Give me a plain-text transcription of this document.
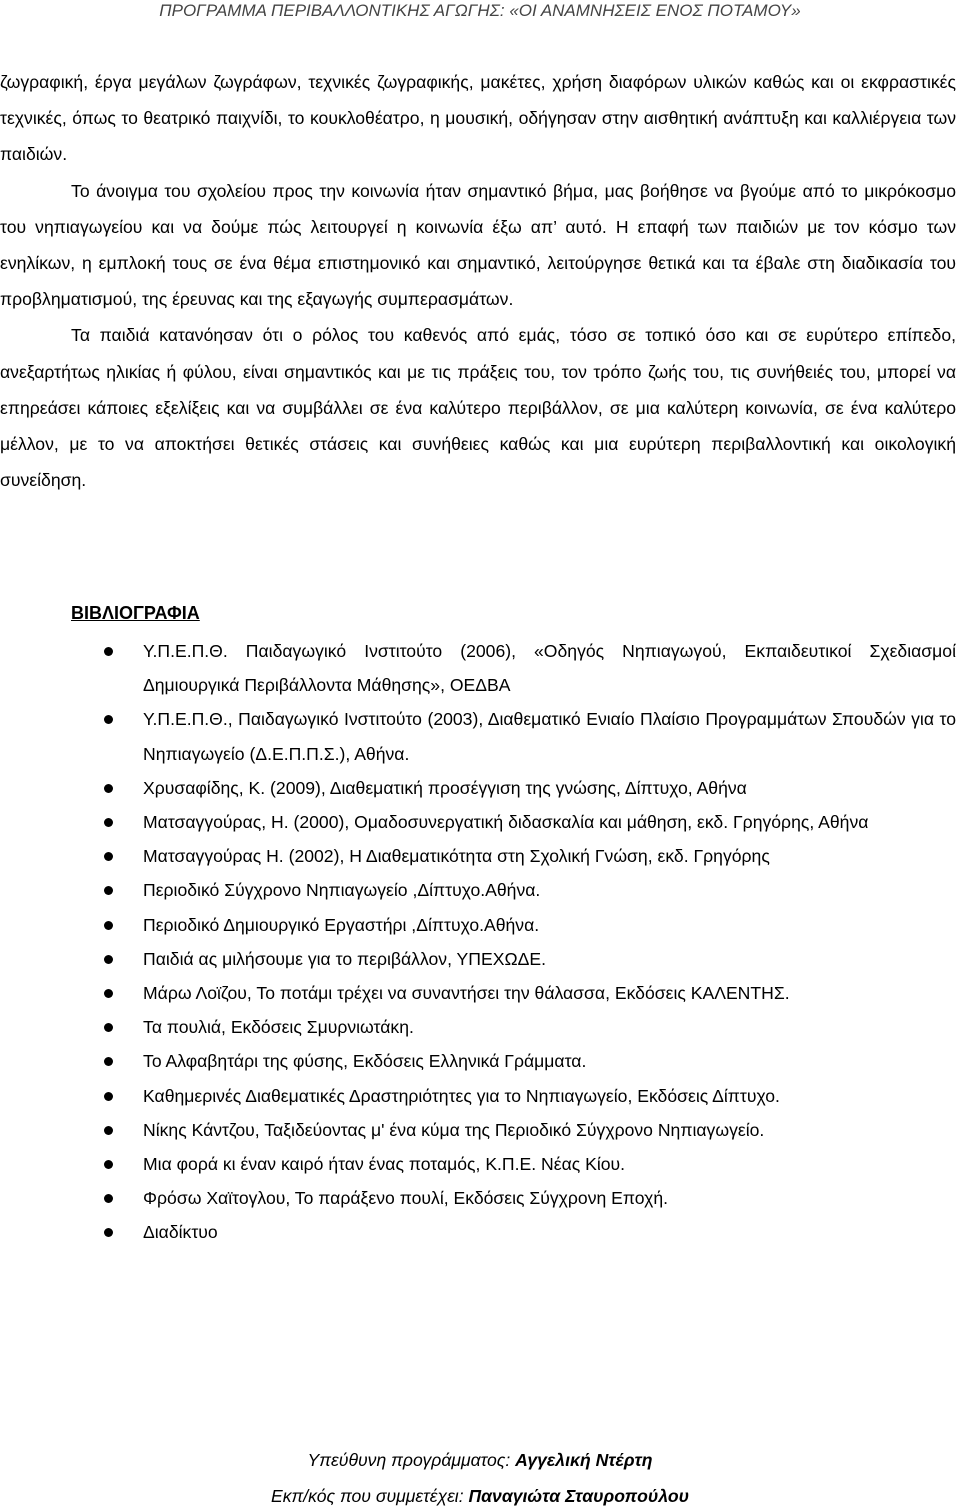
ΠΡΟΓΡΑΜΜΑ ΠΕΡΙΒΑΛΛΟΝΤΙΚΗΣ ΑΓΩΓΗΣ: «ΟΙ ΑΝΑΜΝΗΣΕΙΣ ΕΝΟΣ ΠΟΤΑΜΟΥ»

ζωγραφική, έργα μεγάλων ζωγράφων, τεχνικές ζωγραφικής, μακέτες, χρήση διαφόρων υλικών καθώς και οι εκφραστικές τεχνικές, όπως το θεατρικό παιχνίδι, το κουκλοθέατρο, η μουσική, οδήγησαν στην αισθητική ανάπτυξη και καλλιέργεια των παιδιών.

Το άνοιγμα του σχολείου προς την κοινωνία ήταν σημαντικό βήμα, μας βοήθησε να βγούμε από το μικρόκοσμο του νηπιαγωγείου και να δούμε πώς λειτουργεί η κοινωνία έξω απ’ αυτό. Η επαφή των παιδιών με τον κόσμο των ενηλίκων, η εμπλοκή τους σε ένα θέμα επιστημονικό και σημαντικό, λειτούργησε θετικά και τα έβαλε στη διαδικασία του προβληματισμού, της έρευνας και της εξαγωγής συμπερασμάτων.

Τα παιδιά κατανόησαν ότι ο ρόλος του καθενός από εμάς, τόσο σε τοπικό όσο και σε ευρύτερο επίπεδο, ανεξαρτήτως ηλικίας ή φύλου, είναι σημαντικός και με τις πράξεις του, τον τρόπο ζωής του, τις συνήθειές του, μπορεί να επηρεάσει κάποιες εξελίξεις και να συμβάλλει σε ένα καλύτερο περιβάλλον, σε μια καλύτερη κοινωνία, σε ένα καλύτερο μέλλον, με το να αποκτήσει θετικές στάσεις και συνήθειες καθώς και μια ευρύτερη περιβαλλοντική και οικολογική συνείδηση.

ΒΙΒΛΙΟΓΡΑΦΙΑ
Υ.Π.Ε.Π.Θ. Παιδαγωγικό Ινστιτούτο (2006), «Οδηγός Νηπιαγωγού, Εκπαιδευτικοί Σχεδιασμοί Δημιουργικά Περιβάλλοντα Μάθησης», ΟΕΔΒΑ
Υ.Π.Ε.Π.Θ., Παιδαγωγικό Ινστιτούτο (2003), Διαθεματικό Ενιαίο Πλαίσιο Προγραμμάτων Σπουδών για το Νηπιαγωγείο (Δ.Ε.Π.Π.Σ.), Αθήνα.
Χρυσαφίδης, Κ. (2009), Διαθεματική προσέγγιση της γνώσης, Δίπτυχο, Αθήνα
Ματσαγγούρας, Η. (2000), Ομαδοσυνεργατική διδασκαλία και μάθηση, εκδ. Γρηγόρης, Αθήνα
Ματσαγγούρας Η. (2002), Η Διαθεματικότητα στη Σχολική Γνώση, εκδ. Γρηγόρης
Περιοδικό Σύγχρονο Νηπιαγωγείο ,Δίπτυχο.Αθήνα.
Περιοδικό Δημιουργικό Εργαστήρι ,Δίπτυχο.Αθήνα.
Παιδιά ας μιλήσουμε για το περιβάλλον, ΥΠΕΧΩΔΕ.
Μάρω Λοϊζου, Το ποτάμι τρέχει να συναντήσει την θάλασσα, Εκδόσεις ΚΑΛΕΝΤΗΣ.
Τα πουλιά, Εκδόσεις Σμυρνιωτάκη.
Το Αλφαβητάρι της φύσης, Εκδόσεις Ελληνικά Γράμματα.
Καθημερινές Διαθεματικές Δραστηριότητες για το Νηπιαγωγείο, Εκδόσεις Δίπτυχο.
Νίκης Κάντζου, Ταξιδεύοντας μ' ένα κύμα της Περιοδικό Σύγχρονο Νηπιαγωγείο.
Μια φορά κι έναν καιρό ήταν ένας ποταμός, Κ.Π.Ε. Νέας Κίου.
Φρόσω Χαϊτογλου, Το παράξενο πουλί, Εκδόσεις Σύγχρονη Εποχή.
Διαδίκτυο
Υπεύθυνη προγράμματος: Αγγελική Ντέρτη
Εκπ/κός που συμμετέχει: Παναγιώτα Σταυροπούλου
